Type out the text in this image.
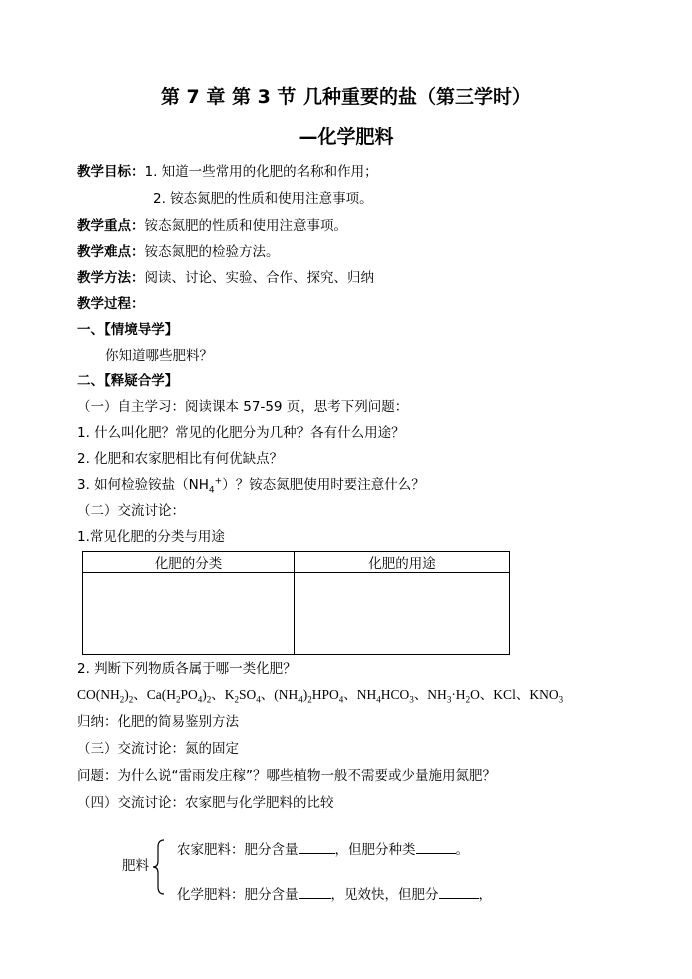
第 7 章 第 3 节 几种重要的盐（第三学时）
—化学肥料
教学目标：1. 知道一些常用的化肥的名称和作用；
2. 铵态氮肥的性质和使用注意事项。
教学重点：铵态氮肥的性质和使用注意事项。
教学难点：铵态氮肥的检验方法。
教学方法：阅读、讨论、实验、合作、探究、归纳
教学过程：
一、【情境导学】
你知道哪些肥料？
二、【释疑合学】
（一）自主学习：阅读课本 57-59 页，思考下列问题：
1. 什么叫化肥？常见的化肥分为几种？各有什么用途？
2. 化肥和农家肥相比有何优缺点？
3. 如何检验铵盐$(NH_4^+)$？铵态氮肥使用时要注意什么？
（二）交流讨论：
1.常见化肥的分类与用途
化肥的分类	化肥的用途

2. 判断下列物质各属于哪一类化肥？
$CO(NH_2)_2$、$Ca(H_2PO_4)_2$、$K_2SO_4$、$(NH_4)_2HPO_4$、$NH_4HCO_3$、$NH_3\cdot H_2O$、KCl、$KNO_3$
归纳：化肥的简易鉴别方法
（三）交流讨论：氮的固定
问题：为什么说“雷雨发庄稼”？哪些植物一般不需要或少量施用氮肥？
（四）交流讨论：农家肥与化学肥料的比较
肥料
农家肥料：肥分含量	，但肥分种类	。
化学肥料：肥分含量 ，见效快，但肥分	，
